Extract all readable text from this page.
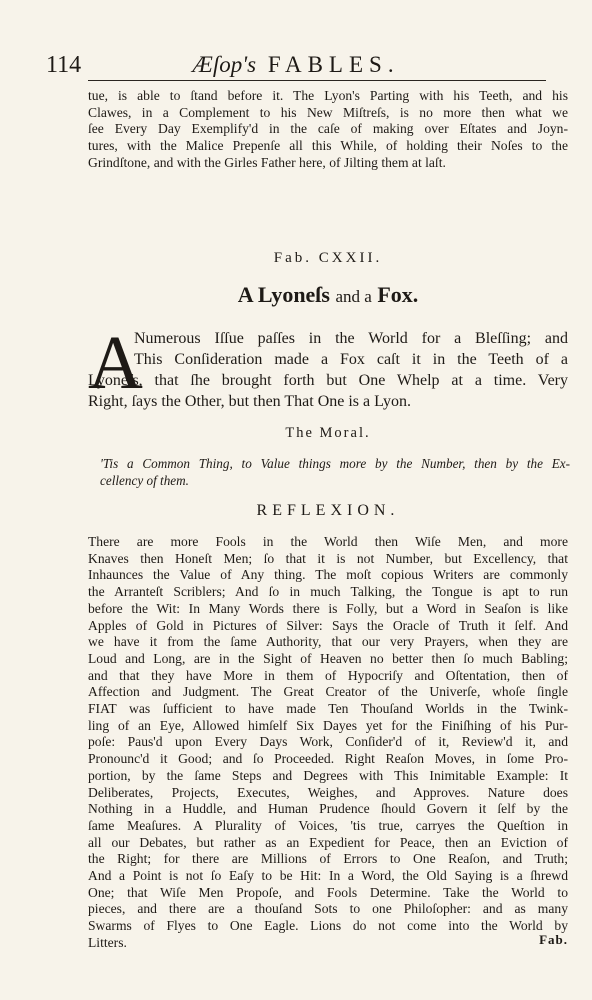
114	Æſop's FABLES.
tue, is able to ſtand before it. The Lyon's Parting with his Teeth, and his
Clawes, in a Complement to his New Miſtreſs, is no more then what we
ſee Every Day Exemplify'd in the caſe of making over Eſtates and Joyn-
tures, with the Malice Prepenſe all this While, of holding their Noſes to the
Grindſtone, and with the Girles Father here, of Jilting them at laſt.
Fab. CXXII.
A Lyoneſs and a Fox.
A
Numerous Iſſue paſſes in the World for a Bleſſing; and
This Conſideration made a Fox caſt it in the Teeth of a
Lyoneſs, that ſhe brought forth but One Whelp at a time. Very
Right, ſays the Other, but then That One is a Lyon.
The Moral.
'Tis a Common Thing, to Value things more by the Number, then by the Ex-
cellency of them.
REFLEXION.
There are more Fools in the World then Wiſe Men, and more
Knaves then Honeſt Men; ſo that it is not Number, but Excellency, that
Inhaunces the Value of Any thing. The moſt copious Writers are commonly
the Arranteſt Scriblers; And ſo in much Talking, the Tongue is apt to run
before the Wit: In Many Words there is Folly, but a Word in Seaſon is like
Apples of Gold in Pictures of Silver: Says the Oracle of Truth it ſelf. And
we have it from the ſame Authority, that our very Prayers, when they are
Loud and Long, are in the Sight of Heaven no better then ſo much Babling;
and that they have More in them of Hypocriſy and Oſtentation, then of
Affection and Judgment. The Great Creator of the Univerſe, whoſe ſingle
FIAT was ſufficient to have made Ten Thouſand Worlds in the Twink-
ling of an Eye, Allowed himſelf Six Dayes yet for the Finiſhing of his Pur-
poſe: Paus'd upon Every Days Work, Conſider'd of it, Review'd it, and
Pronounc'd it Good; and ſo Proceeded. Right Reaſon Moves, in ſome Pro-
portion, by the ſame Steps and Degrees with This Inimitable Example: It
Deliberates, Projects, Executes, Weighes, and Approves. Nature does
Nothing in a Huddle, and Human Prudence ſhould Govern it ſelf by the
ſame Meaſures. A Plurality of Voices, 'tis true, carryes the Queſtion in
all our Debates, but rather as an Expedient for Peace, then an Eviction of
the Right; for there are Millions of Errors to One Reaſon, and Truth;
And a Point is not ſo Eaſy to be Hit: In a Word, the Old Saying is a ſhrewd
One; that Wiſe Men Propoſe, and Fools Determine. Take the World to
pieces, and there are a thouſand Sots to one Philoſopher: and as many
Swarms of Flyes to One Eagle. Lions do not come into the World by
Litters.	Fab.
